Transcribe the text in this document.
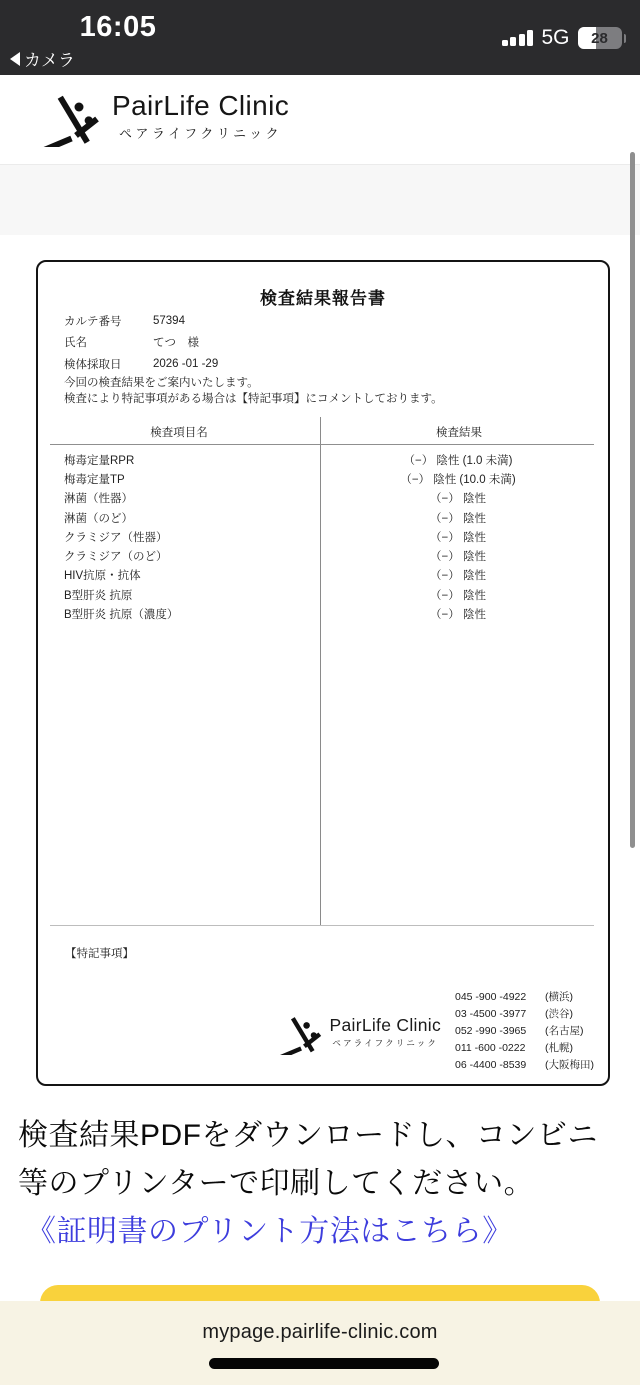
16:05
カメラ
5G	28
PairLife Clinic
ペアライフクリニック
検査結果報告書
カルテ番号	57394
氏名	てつ　様
検体採取日	2026 -01 -29
今回の検査結果をご案内いたします。
検査により特記事項がある場合は【特記事項】にコメントしております。
検査項目名	検査結果
梅毒定量RPR	（−） 陰性 (1.0 未満)
梅毒定量TP	（−） 陰性 (10.0 未満)
淋菌（性器）	（−） 陰性
淋菌（のど）	（−） 陰性
クラミジア（性器）	（−） 陰性
クラミジア（のど）	（−） 陰性
HIV抗原・抗体	（−） 陰性
B型肝炎 抗原	（−） 陰性
B型肝炎 抗原（濃度）	（−） 陰性
【特記事項】
PairLife Clinic
ペアライフクリニック
045 -900 -4922	(横浜)
03 -4500 -3977	(渋谷)
052 -990 -3965	(名古屋)
011 -600 -0222	(札幌)
06 -4400 -8539	(大阪梅田)
検査結果PDFをダウンロードし、コンビニ等のプリンターで印刷してください。
《証明書のプリント方法はこちら》
mypage.pairlife-clinic.com
